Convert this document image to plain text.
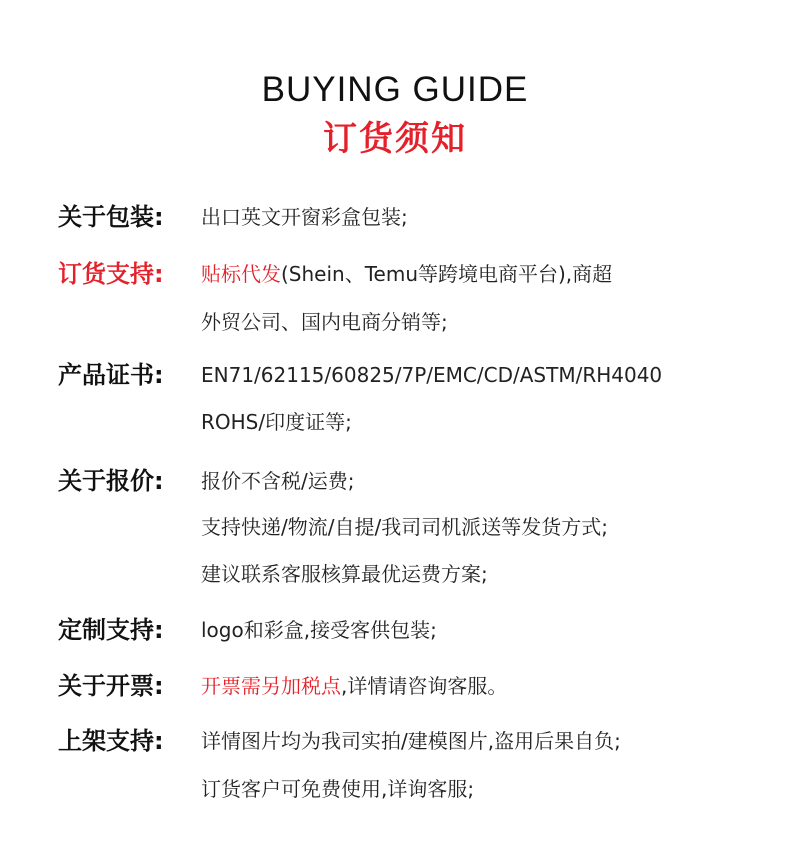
BUYING GUIDE
订货须知
关于包装: 出口英文开窗彩盒包装;
订货支持: 贴标代发(Shein、Temu等跨境电商平台),商超
外贸公司、国内电商分销等;
产品证书: EN71/62115/60825/7P/EMC/CD/ASTM/RH4040
ROHS/印度证等;
关于报价: 报价不含税/运费;
支持快递/物流/自提/我司司机派送等发货方式;
建议联系客服核算最优运费方案;
定制支持: logo和彩盒,接受客供包装;
关于开票: 开票需另加税点,详情请咨询客服。
上架支持: 详情图片均为我司实拍/建模图片,盗用后果自负;
订货客户可免费使用,详询客服;
